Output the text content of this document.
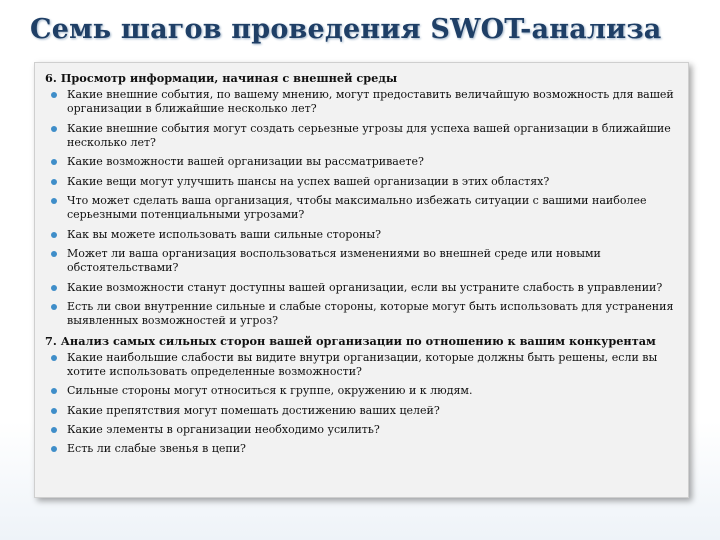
Семь шагов проведения SWOT-анализа
6. Просмотр информации, начиная с внешней среды
Какие внешние события, по вашему мнению, могут предоставить величайшую возможность для вашей организации в ближайшие несколько лет?
Какие внешние события могут создать серьезные угрозы для успеха вашей организации в ближайшие несколько лет?
Какие возможности вашей организации вы рассматриваете?
Какие вещи могут улучшить шансы на успех вашей организации в этих областях?
Что может сделать ваша организация, чтобы максимально избежать ситуации с вашими наиболее серьезными потенциальными угрозами?
Как вы можете использовать ваши сильные стороны?
Может ли ваша организация воспользоваться изменениями во внешней среде или новыми обстоятельствами?
Какие возможности станут доступны вашей организации, если вы устраните слабость в управлении?
Есть ли свои внутренние сильные и слабые стороны, которые могут быть использовать для устранения выявленных возможностей и угроз?
7. Анализ самых сильных сторон вашей организации по отношению к вашим конкурентам
Какие наибольшие слабости вы видите внутри организации, которые должны быть решены, если вы хотите использовать определенные возможности?
Сильные стороны могут относиться к группе, окружению и к людям.
Какие препятствия могут помешать достижению ваших целей?
Какие элементы в организации необходимо усилить?
Есть ли слабые звенья в цепи?
